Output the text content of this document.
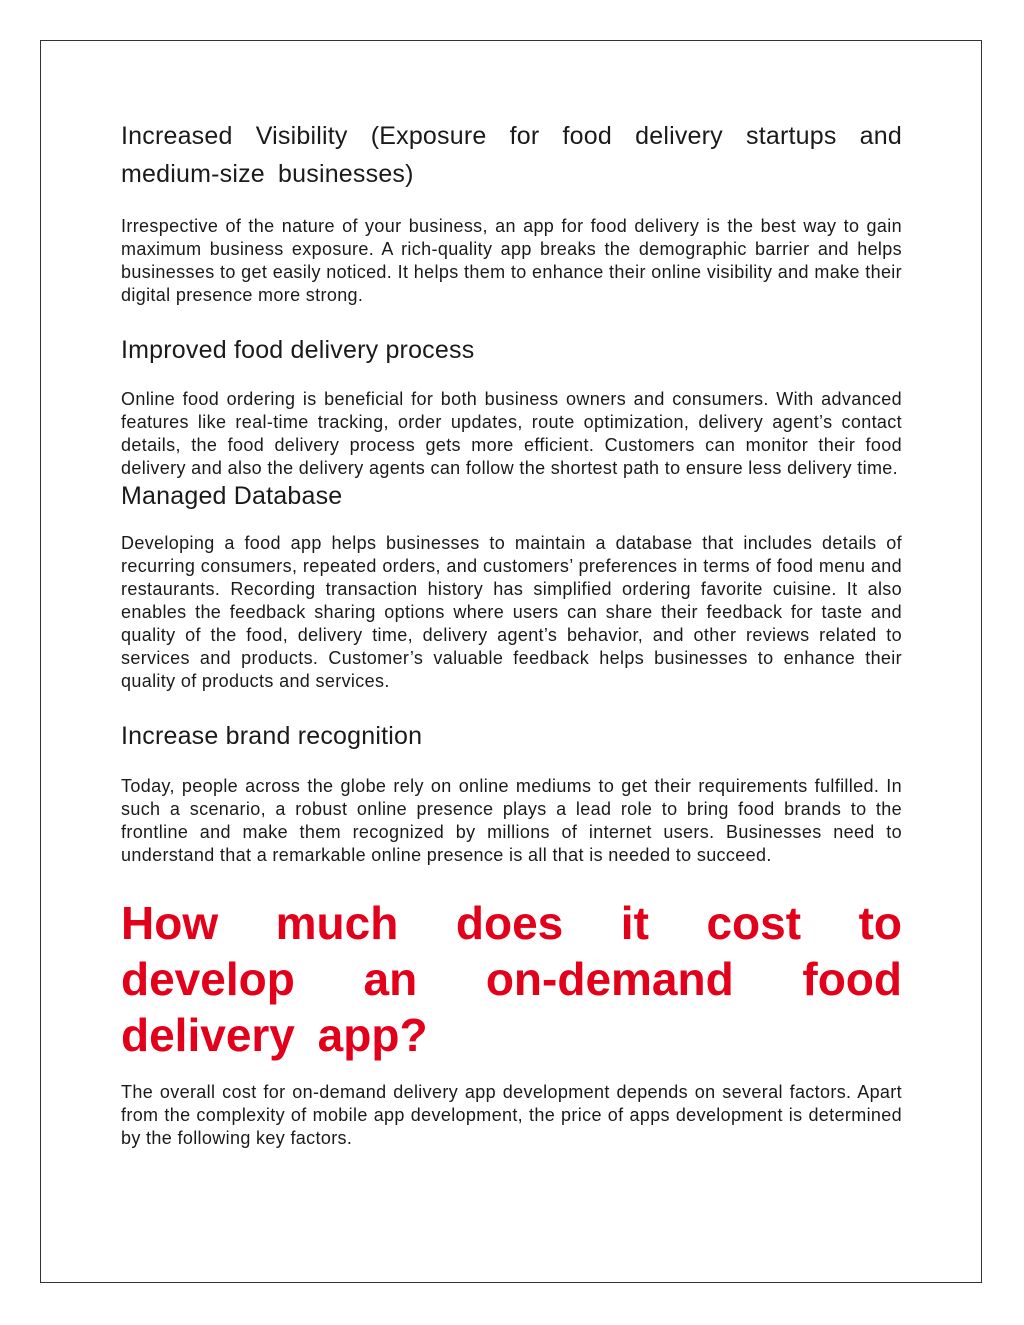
Increased Visibility (Exposure for food delivery startups and medium-size businesses)

Irrespective of the nature of your business, an app for food delivery is the best way to gain maximum business exposure. A rich-quality app breaks the demographic barrier and helps businesses to get easily noticed. It helps them to enhance their online visibility and make their digital presence more strong.

Improved food delivery process

Online food ordering is beneficial for both business owners and consumers. With advanced features like real-time tracking, order updates, route optimization, delivery agent’s contact details, the food delivery process gets more efficient. Customers can monitor their food delivery and also the delivery agents can follow the shortest path to ensure less delivery time.

Managed Database

Developing a food app helps businesses to maintain a database that includes details of recurring consumers, repeated orders, and customers’ preferences in terms of food menu and restaurants. Recording transaction history has simplified ordering favorite cuisine. It also enables the feedback sharing options where users can share their feedback for taste and quality of the food, delivery time, delivery agent’s behavior, and other reviews related to services and products. Customer’s valuable feedback helps businesses to enhance their quality of products and services.

Increase brand recognition

Today, people across the globe rely on online mediums to get their requirements fulfilled. In such a scenario, a robust online presence plays a lead role to bring food brands to the frontline and make them recognized by millions of internet users. Businesses need to understand that a remarkable online presence is all that is needed to succeed.

How much does it cost to develop an on-demand food delivery app?

The overall cost for on-demand delivery app development depends on several factors. Apart from the complexity of mobile app development, the price of apps development is determined by the following key factors.
